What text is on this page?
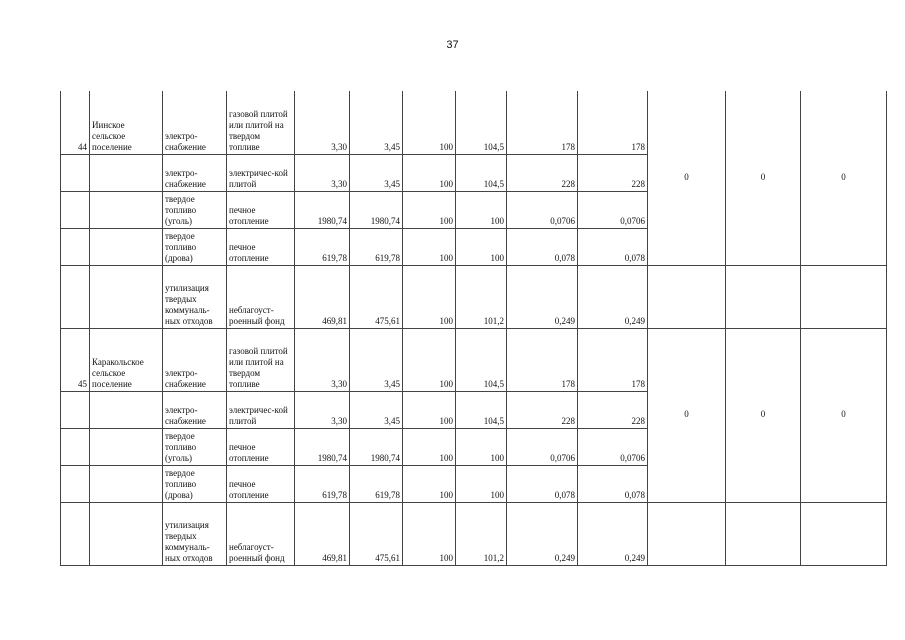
37
44	Иинское сельское поселение	электро-снабжение	газовой плитой или плитой на твердом топливе	3,30	3,45	100	104,5	178	178	0	0	0
		электро-снабжение	электричес-кой плитой	3,30	3,45	100	104,5	228	228			
		твердое топливо (уголь)	печное отопление	1980,74	1980,74	100	100	0,0706	0,0706			
		твердое топливо (дрова)	печное отопление	619,78	619,78	100	100	0,078	0,078			
		утилизация твердых коммуналь-ных отходов	неблагоуст-роенный фонд	469,81	475,61	100	101,2	0,249	0,249			
45	Каракольское сельское поселение	электро-снабжение	газовой плитой или плитой на твердом топливе	3,30	3,45	100	104,5	178	178	0	0	0
		электро-снабжение	электричес-кой плитой	3,30	3,45	100	104,5	228	228			
		твердое топливо (уголь)	печное отопление	1980,74	1980,74	100	100	0,0706	0,0706			
		твердое топливо (дрова)	печное отопление	619,78	619,78	100	100	0,078	0,078			
		утилизация твердых коммуналь-ных отходов	неблагоуст-роенный фонд	469,81	475,61	100	101,2	0,249	0,249			
